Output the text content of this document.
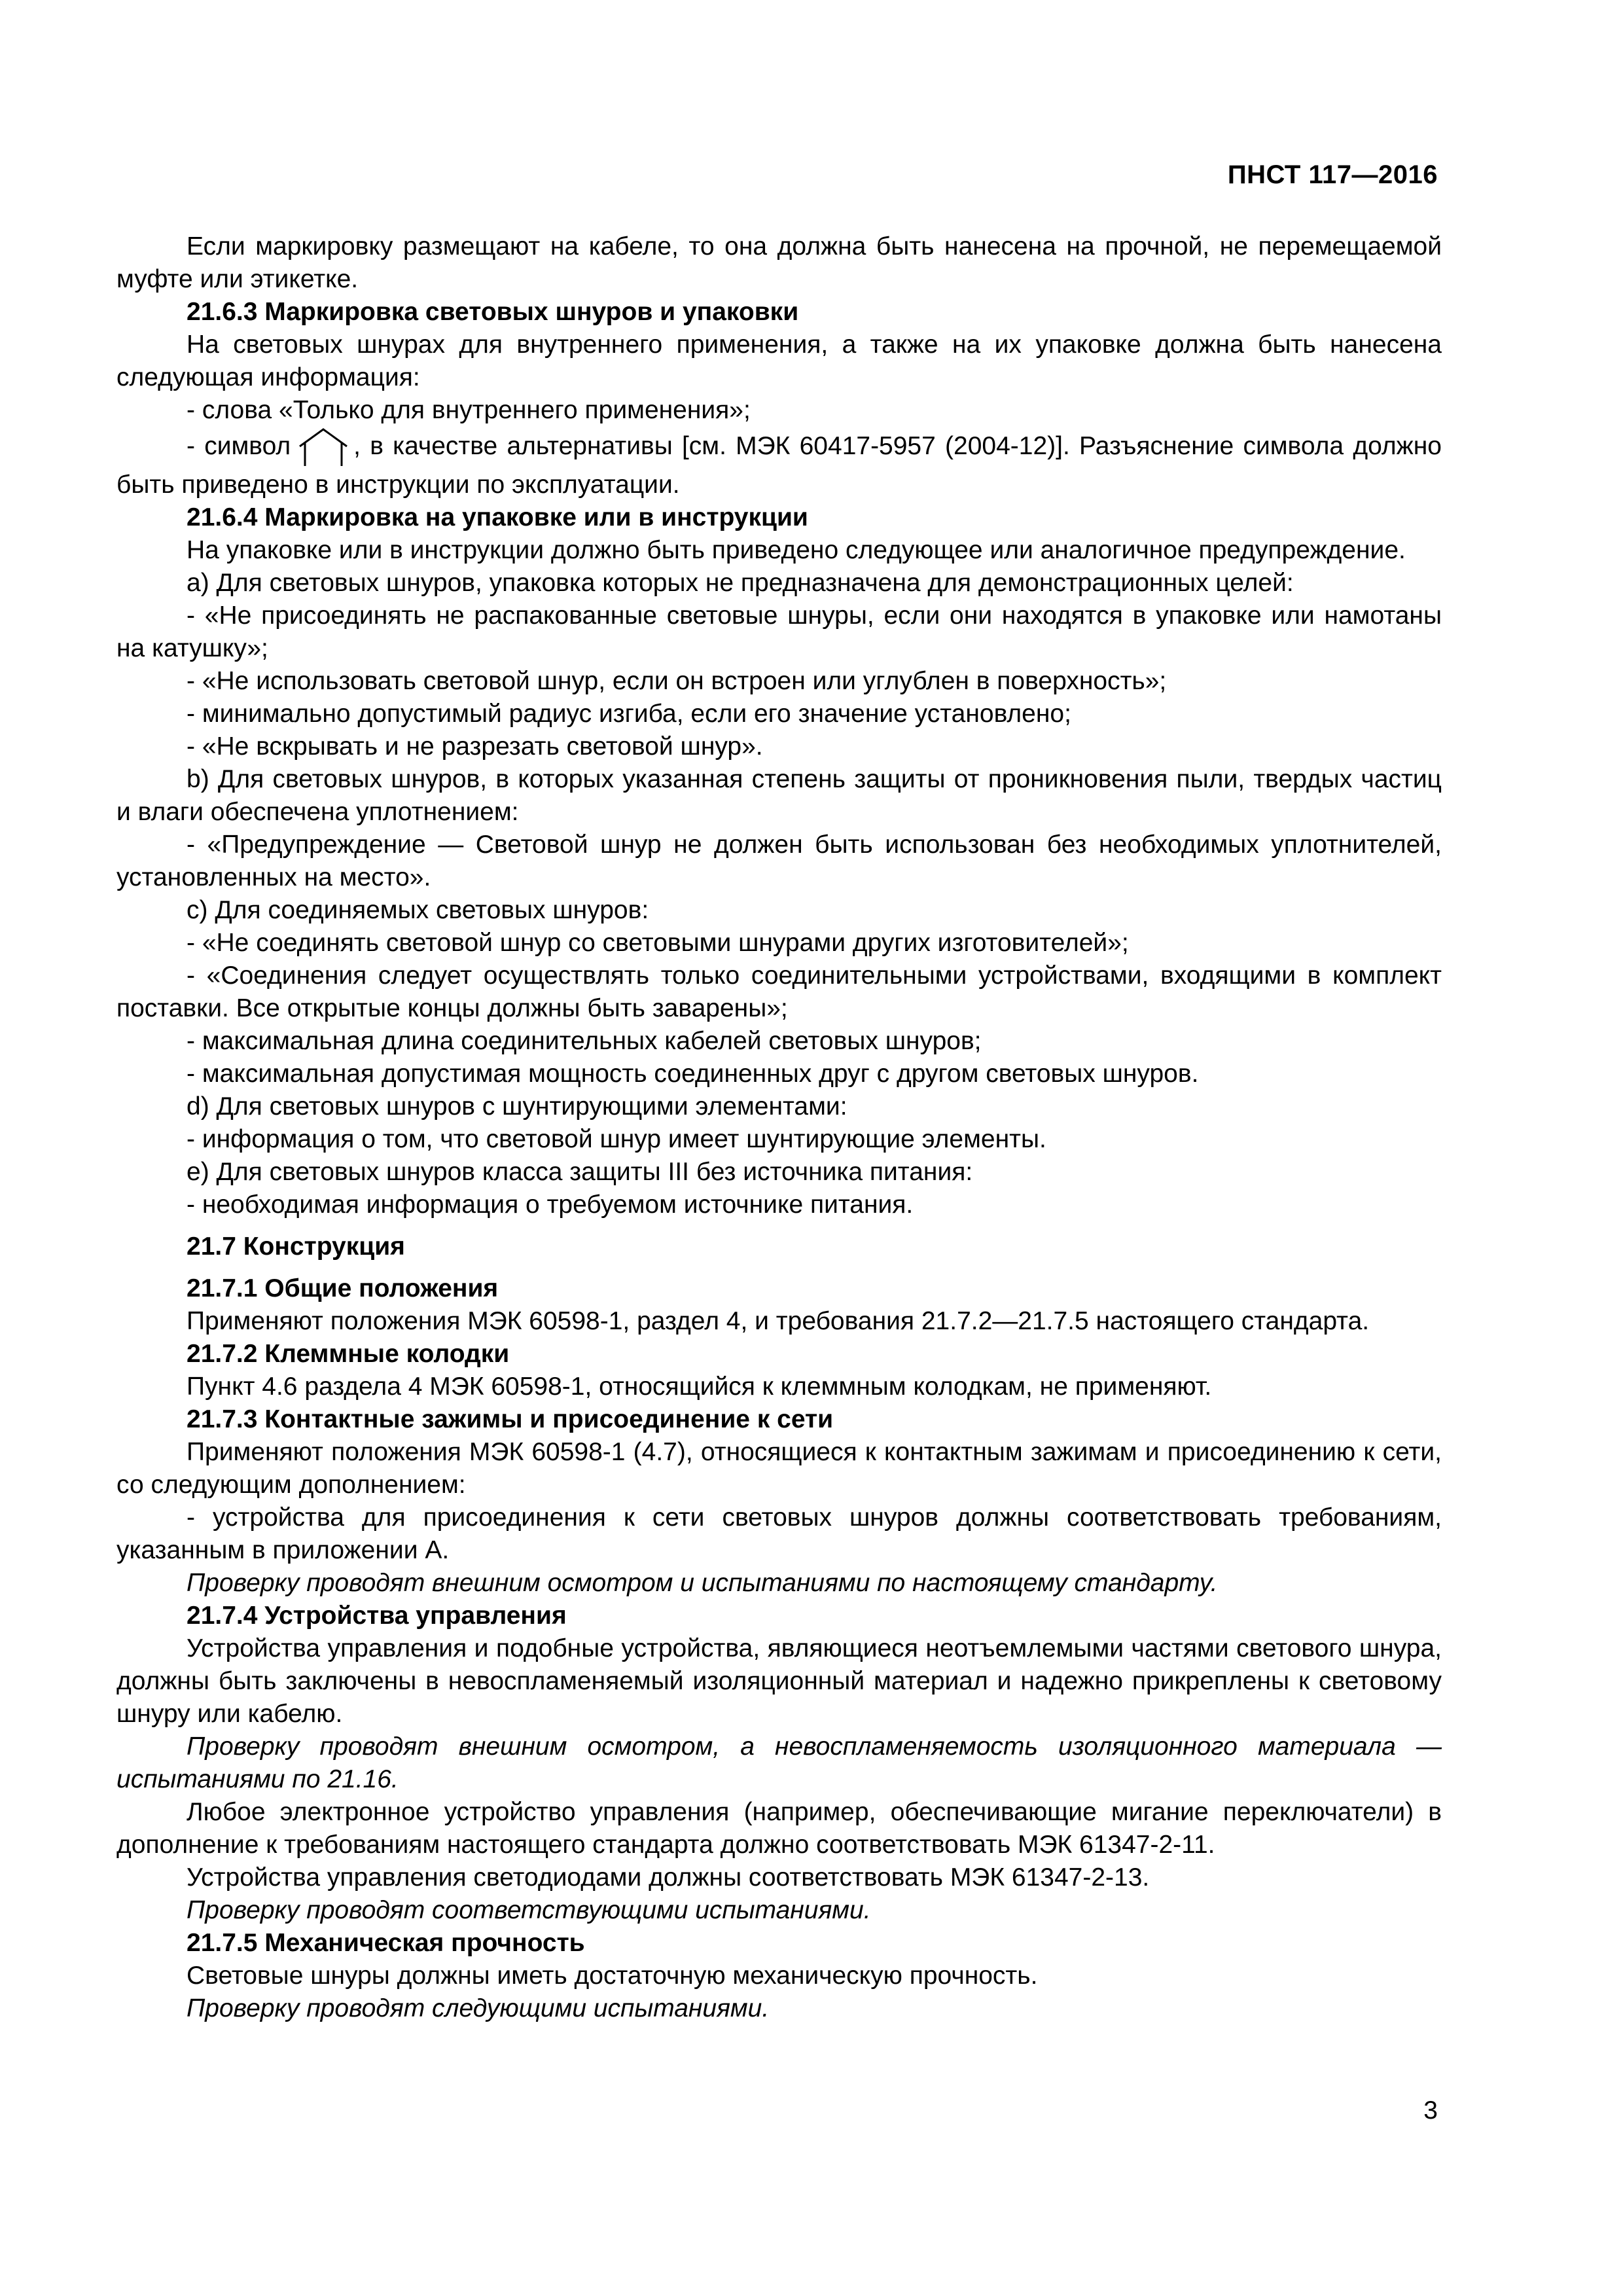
ПНСТ 117—2016

Если маркировку размещают на кабеле, то она должна быть нанесена на прочной, не перемещаемой муфте или этикетке.

21.6.3 Маркировка световых шнуров и упаковки

На световых шнурах для внутреннего применения, а также на их упаковке должна быть нанесена следующая информация:

- слова «Только для внутреннего применения»;

- символ , в качестве альтернативы [см. МЭК 60417-5957 (2004-12)]. Разъяснение символа должно быть приведено в инструкции по эксплуатации.

21.6.4 Маркировка на упаковке или в инструкции

На упаковке или в инструкции должно быть приведено следующее или аналогичное предупреждение.

a) Для световых шнуров, упаковка которых не предназначена для демонстрационных целей:

- «Не присоединять не распакованные световые шнуры, если они находятся в упаковке или намотаны на катушку»;

- «Не использовать световой шнур, если он встроен или углублен в поверхность»;

- минимально допустимый радиус изгиба, если его значение установлено;

- «Не вскрывать и не разрезать световой шнур».

b) Для световых шнуров, в которых указанная степень защиты от проникновения пыли, твердых частиц и влаги обеспечена уплотнением:

- «Предупреждение — Световой шнур не должен быть использован без необходимых уплотнителей, установленных на место».

c) Для соединяемых световых шнуров:

- «Не соединять световой шнур со световыми шнурами других изготовителей»;

- «Соединения следует осуществлять только соединительными устройствами, входящими в комплект поставки. Все открытые концы должны быть заварены»;

- максимальная длина соединительных кабелей световых шнуров;

- максимальная допустимая мощность соединенных друг с другом световых шнуров.

d) Для световых шнуров с шунтирующими элементами:

- информация о том, что световой шнур имеет шунтирующие элементы.

e) Для световых шнуров класса защиты III без источника питания:

- необходимая информация о требуемом источнике питания.

21.7 Конструкция

21.7.1 Общие положения

Применяют положения МЭК 60598-1, раздел 4, и требования 21.7.2—21.7.5 настоящего стандарта.

21.7.2 Клеммные колодки

Пункт 4.6 раздела 4 МЭК 60598-1, относящийся к клеммным колодкам, не применяют.

21.7.3 Контактные зажимы и присоединение к сети

Применяют положения МЭК 60598-1 (4.7), относящиеся к контактным зажимам и присоединению к сети, со следующим дополнением:

- устройства для присоединения к сети световых шнуров должны соответствовать требованиям, указанным в приложении А.

Проверку проводят внешним осмотром и испытаниями по настоящему стандарту.

21.7.4 Устройства управления

Устройства управления и подобные устройства, являющиеся неотъемлемыми частями светового шнура, должны быть заключены в невоспламеняемый изоляционный материал и надежно прикреплены к световому шнуру или кабелю.

Проверку проводят внешним осмотром, а невоспламеняемость изоляционного материала — испытаниями по 21.16.

Любое электронное устройство управления (например, обеспечивающие мигание переключатели) в дополнение к требованиям настоящего стандарта должно соответствовать МЭК 61347-2-11.

Устройства управления светодиодами должны соответствовать МЭК 61347-2-13.

Проверку проводят соответствующими испытаниями.

21.7.5 Механическая прочность

Световые шнуры должны иметь достаточную механическую прочность.

Проверку проводят следующими испытаниями.

3
